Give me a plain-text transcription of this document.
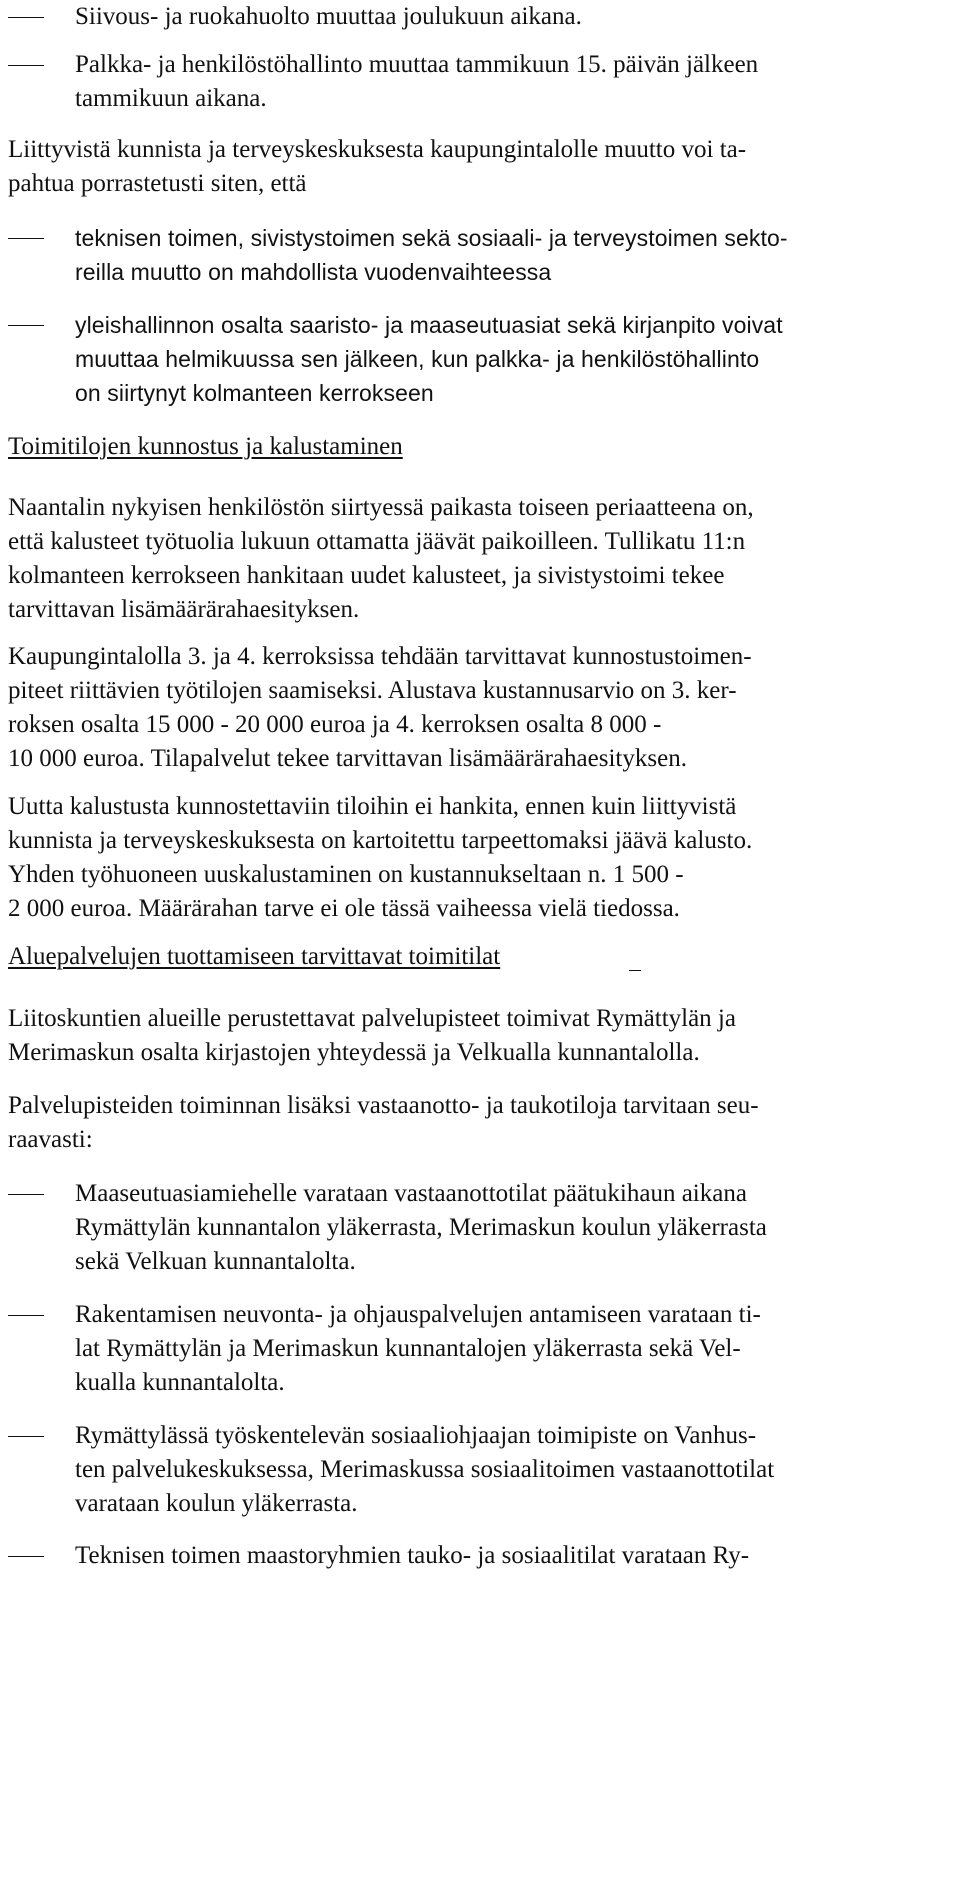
Siivous- ja ruokahuolto muuttaa joulukuun aikana.
Palkka- ja henkilöstöhallinto muuttaa tammikuun 15. päivän jälkeen
tammikuun aikana.
Liittyvistä kunnista ja terveyskeskuksesta kaupungintalolle muutto voi ta-
pahtua porrastetusti siten, että
teknisen toimen, sivistystoimen sekä sosiaali- ja terveystoimen sekto-
reilla muutto on mahdollista vuodenvaihteessa
yleishallinnon osalta saaristo- ja maaseutuasiat sekä kirjanpito voivat
muuttaa helmikuussa sen jälkeen, kun palkka- ja henkilöstöhallinto
on siirtynyt kolmanteen kerrokseen
Toimitilojen kunnostus ja kalustaminen
Naantalin nykyisen henkilöstön siirtyessä paikasta toiseen periaatteena on,
että kalusteet työtuolia lukuun ottamatta jäävät paikoilleen. Tullikatu 11:n
kolmanteen kerrokseen hankitaan uudet kalusteet, ja sivistystoimi tekee
tarvittavan lisämäärärahaesityksen.
Kaupungintalolla 3. ja 4. kerroksissa tehdään tarvittavat kunnostustoimen-
piteet riittävien työtilojen saamiseksi. Alustava kustannusarvio on 3. ker-
roksen osalta 15 000 - 20 000 euroa ja 4. kerroksen osalta 8 000 -
10 000 euroa. Tilapalvelut tekee tarvittavan lisämäärärahaesityksen.
Uutta kalustusta kunnostettaviin tiloihin ei hankita, ennen kuin liittyvistä
kunnista ja terveyskeskuksesta on kartoitettu tarpeettomaksi jäävä kalusto.
Yhden työhuoneen uuskalustaminen on kustannukseltaan n. 1 500 -
2 000 euroa. Määrärahan tarve ei ole tässä vaiheessa vielä tiedossa.
Aluepalvelujen tuottamiseen tarvittavat toimitilat
Liitoskuntien alueille perustettavat palvelupisteet toimivat Rymättylän ja
Merimaskun osalta kirjastojen yhteydessä ja Velkualla kunnantalolla.
Palvelupisteiden toiminnan lisäksi vastaanotto- ja taukotiloja tarvitaan seu-
raavasti:
Maaseutuasiamiehelle varataan vastaanottotilat päätukihaun aikana
Rymättylän kunnantalon yläkerrasta, Merimaskun koulun yläkerrasta
sekä Velkuan kunnantalolta.
Rakentamisen neuvonta- ja ohjauspalvelujen antamiseen varataan ti-
lat Rymättylän ja Merimaskun kunnantalojen yläkerrasta sekä Vel-
kualla kunnantalolta.
Rymättylässä työskentelevän sosiaaliohjaajan toimipiste on Vanhus-
ten palvelukeskuksessa, Merimaskussa sosiaalitoimen vastaanottotilat
varataan koulun yläkerrasta.
Teknisen toimen maastoryhmien tauko- ja sosiaalitilat varataan Ry-
